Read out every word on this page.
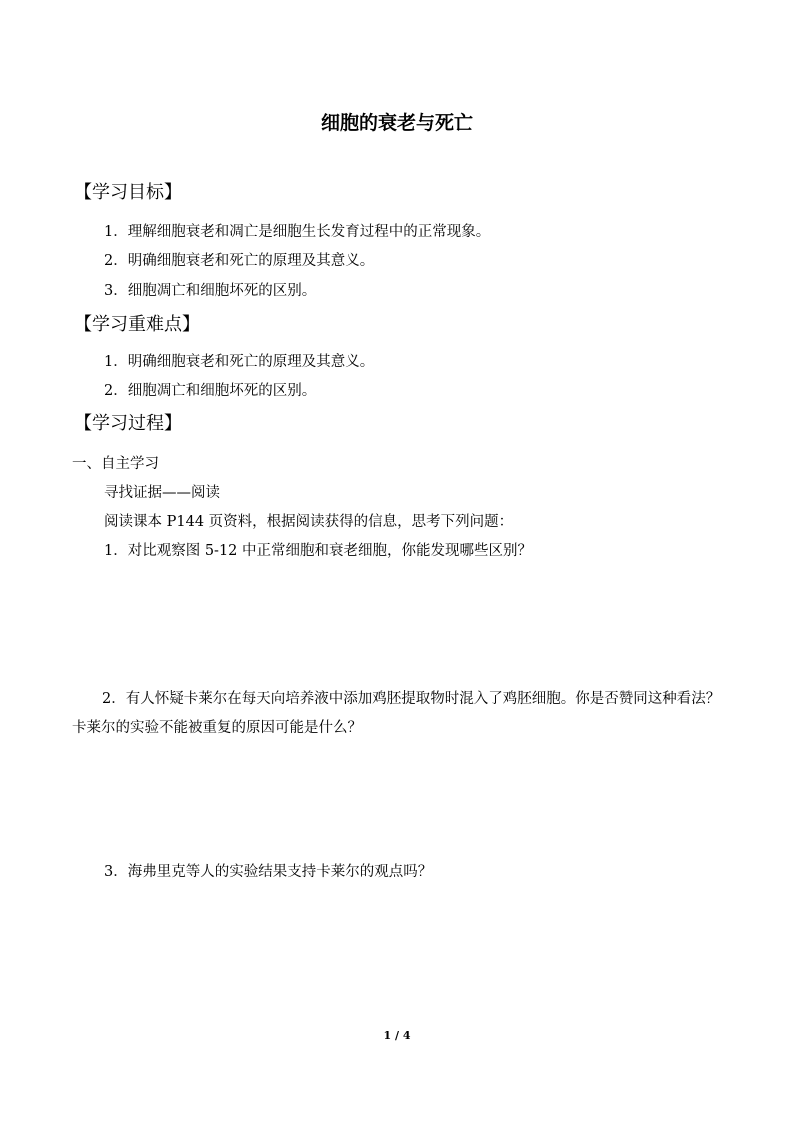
细胞的衰老与死亡
【学习目标】
1．理解细胞衰老和凋亡是细胞生长发育过程中的正常现象。
2．明确细胞衰老和死亡的原理及其意义。
3．细胞凋亡和细胞坏死的区别。
【学习重难点】
1．明确细胞衰老和死亡的原理及其意义。
2．细胞凋亡和细胞坏死的区别。
【学习过程】
一、自主学习
寻找证据——阅读
阅读课本 P144 页资料，根据阅读获得的信息，思考下列问题：
1．对比观察图 5-12 中正常细胞和衰老细胞，你能发现哪些区别？
2．有人怀疑卡莱尔在每天向培养液中添加鸡胚提取物时混入了鸡胚细胞。你是否赞同这种看法？卡莱尔的实验不能被重复的原因可能是什么？
3．海弗里克等人的实验结果支持卡莱尔的观点吗？
1 / 4
